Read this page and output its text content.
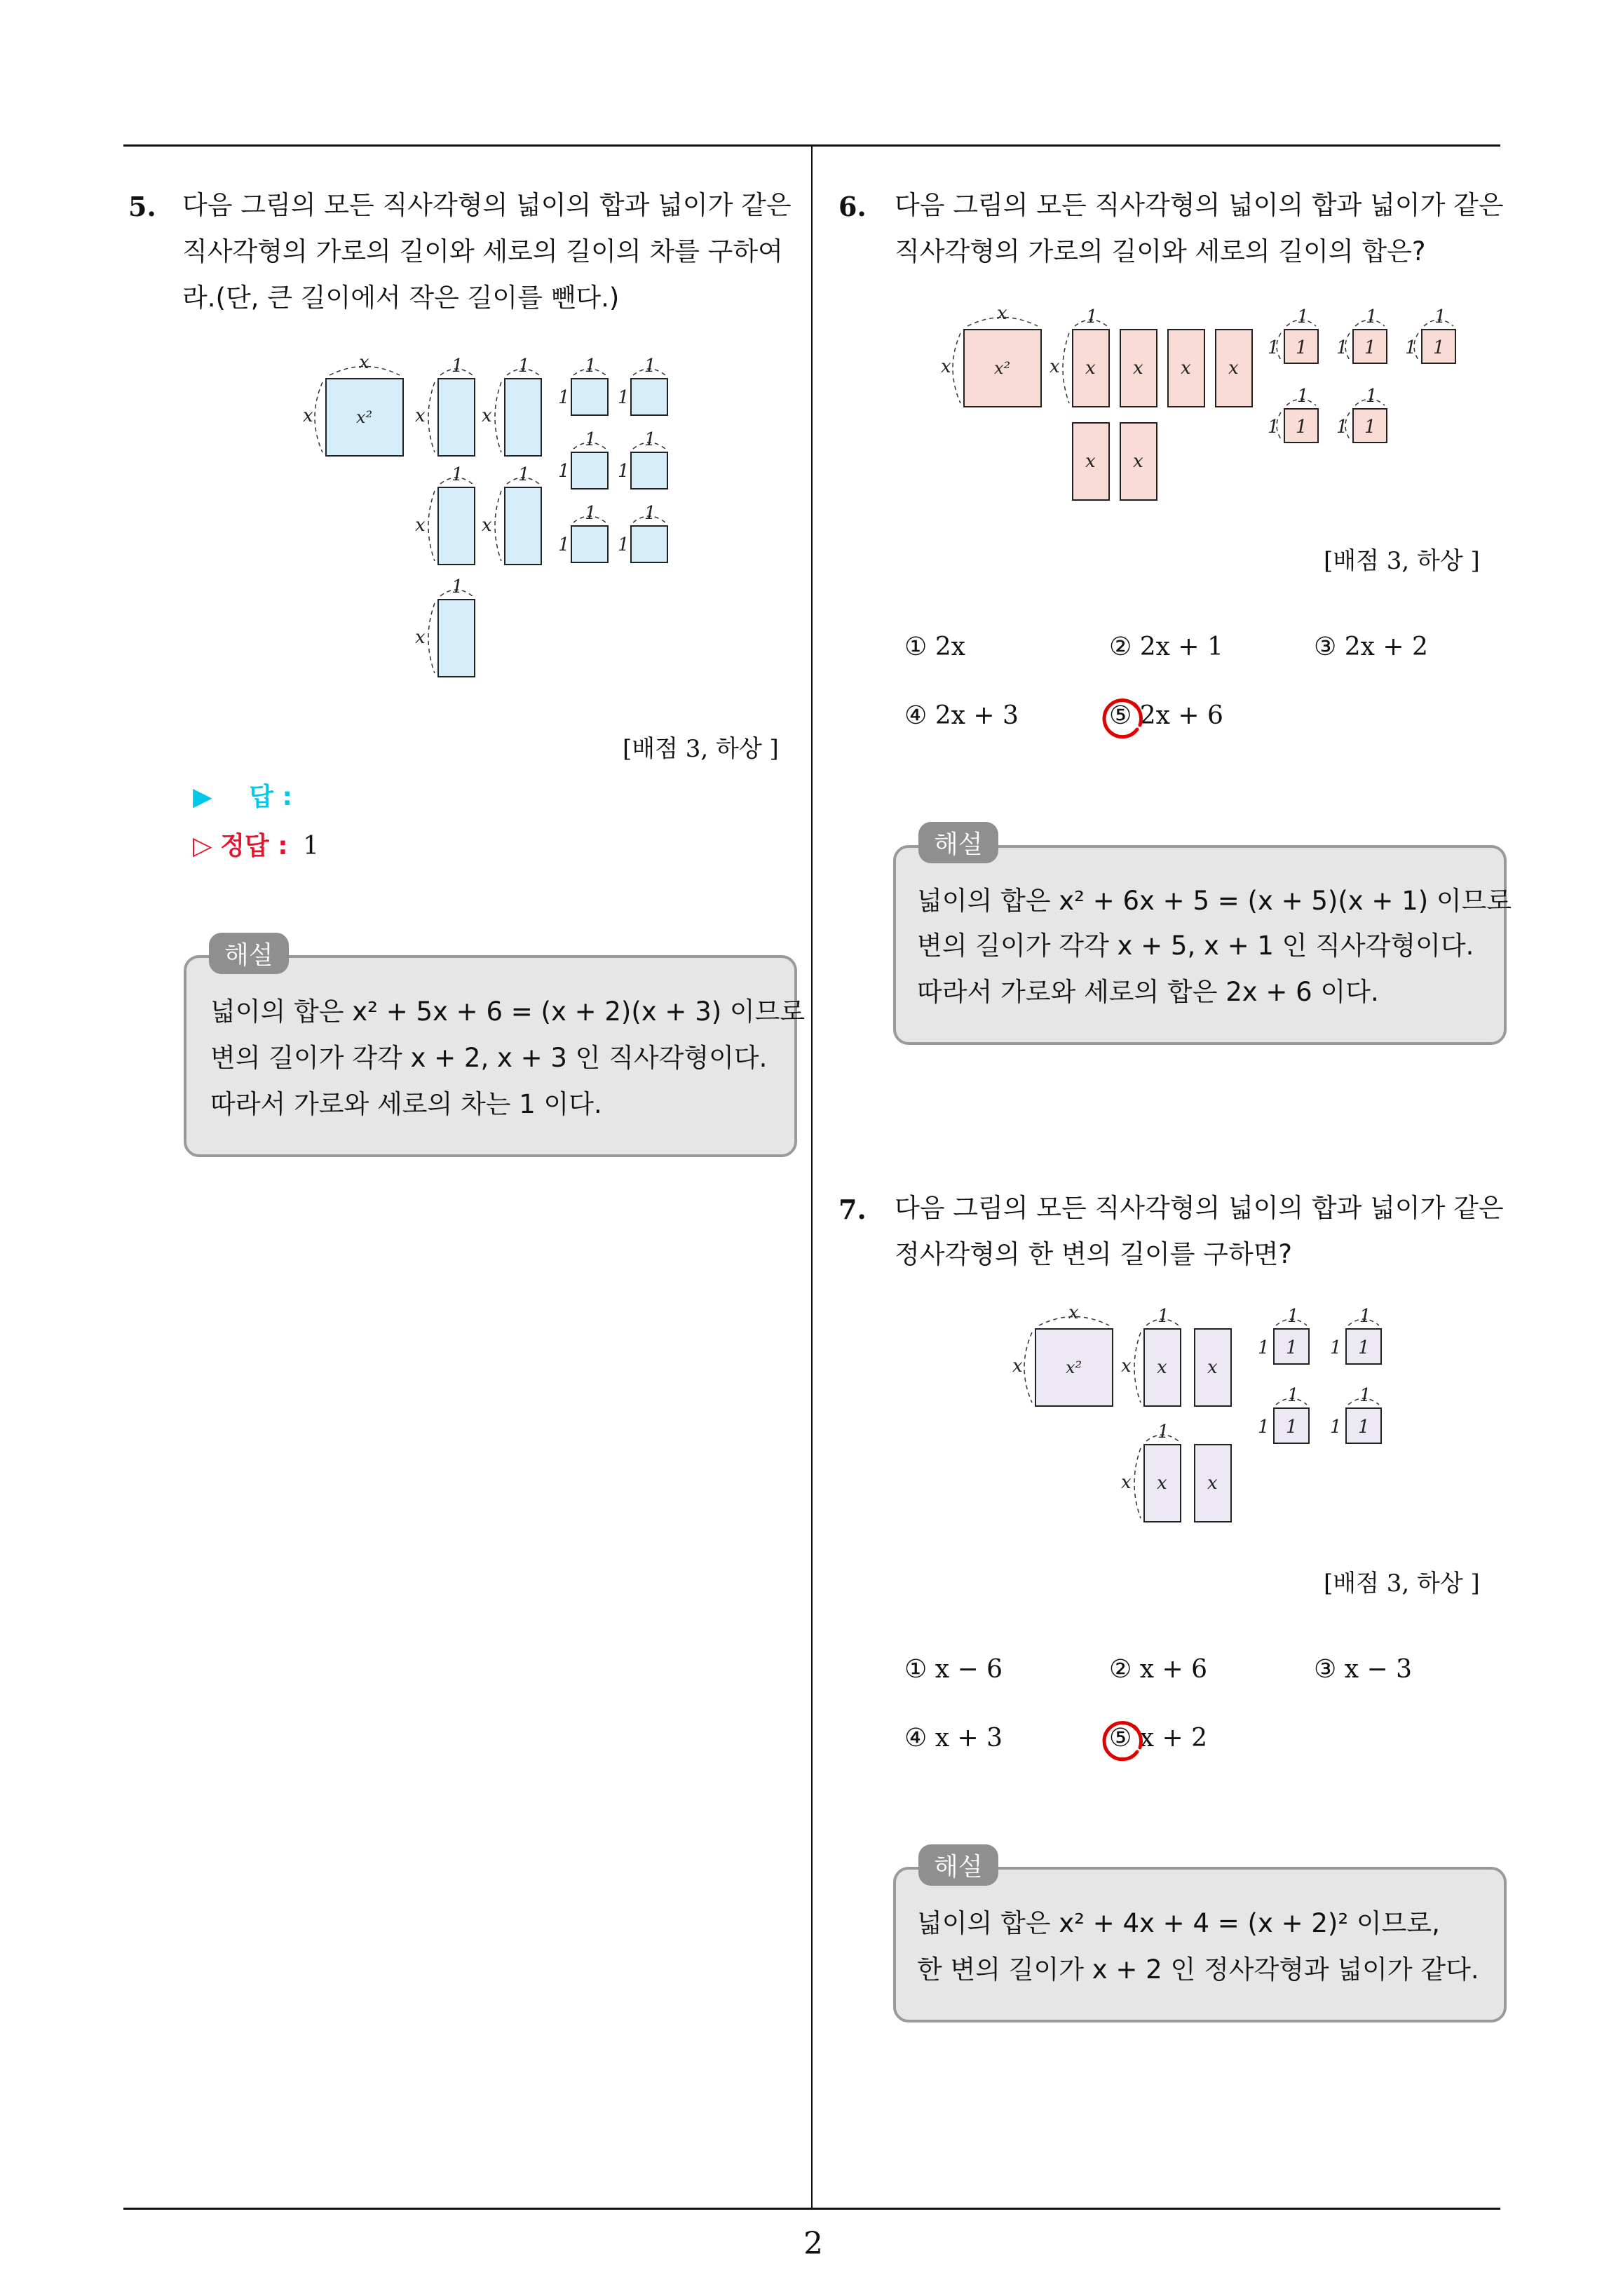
5. 다음 그림의 모든 직사각형의 넓이의 합과 넓이가 같은
직사각형의 가로의 길이와 세로의 길이의 차를 구하여
라.(단, 큰 길이에서 작은 길이를 뺀다.)
x
x	x² x	x
x	x
x
1	1
1	1
1
1	1
1	1
1	1
1	1
1	1
1	1
[배점 3, 하상 ]
▶ 답 :
▷ 정답 : 1
해설
넓이의 합은 x² + 5x + 6 = (x + 2)(x + 3) 이므로
변의 길이가 각각 x + 2, x + 3 인 직사각형이다.
따라서 가로와 세로의 차는 1 이다.
6. 다음 그림의 모든 직사각형의 넓이의 합과 넓이가 같은
직사각형의 가로의 길이와 세로의 길이의 합은?
x
x	x² x x x x x
x x
1	1	1	1
1	1
1	1	1
1	1
1	1	1
1	1
[배점 3, 하상 ]
① 2x	② 2x + 1	③ 2x + 2
④ 2x + 3	⑤ 2x + 6
해설
넓이의 합은 x² + 6x + 5 = (x + 5)(x + 1) 이므로
변의 길이가 각각 x + 5, x + 1 인 직사각형이다.
따라서 가로와 세로의 합은 2x + 6 이다.
7. 다음 그림의 모든 직사각형의 넓이의 합과 넓이가 같은
정사각형의 한 변의 길이를 구하면?
x
x	x² x x x
x x x
1
1
1	1
1	1
1	1
1	1
1	1
1	1
[배점 3, 하상 ]
① x − 6	② x + 6	③ x − 3
④ x + 3	⑤ x + 2
해설
넓이의 합은 x² + 4x + 4 = (x + 2)² 이므로,
한 변의 길이가 x + 2 인 정사각형과 넓이가 같다.
2
